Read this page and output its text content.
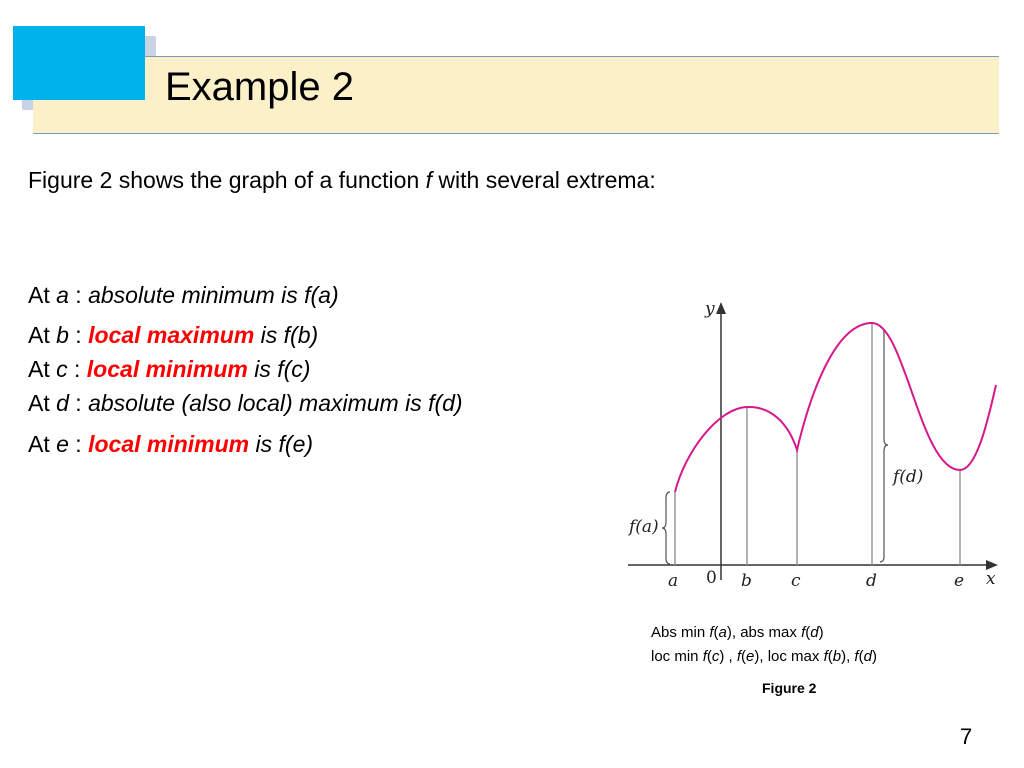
Example 2
Figure 2 shows the graph of a function f with several extrema:
At a : absolute minimum is f(a)
At b : local maximum is f(b)
At c : local minimum is f(c)
At d : absolute (also local) maximum is f(d)
At e : local minimum is f(e)
y
x
0
a	b c	d	e
f(a)
f(d)
Abs min f(a), abs max f(d)
loc min f(c) , f(e), loc max f(b), f(d)
Figure 2
7
